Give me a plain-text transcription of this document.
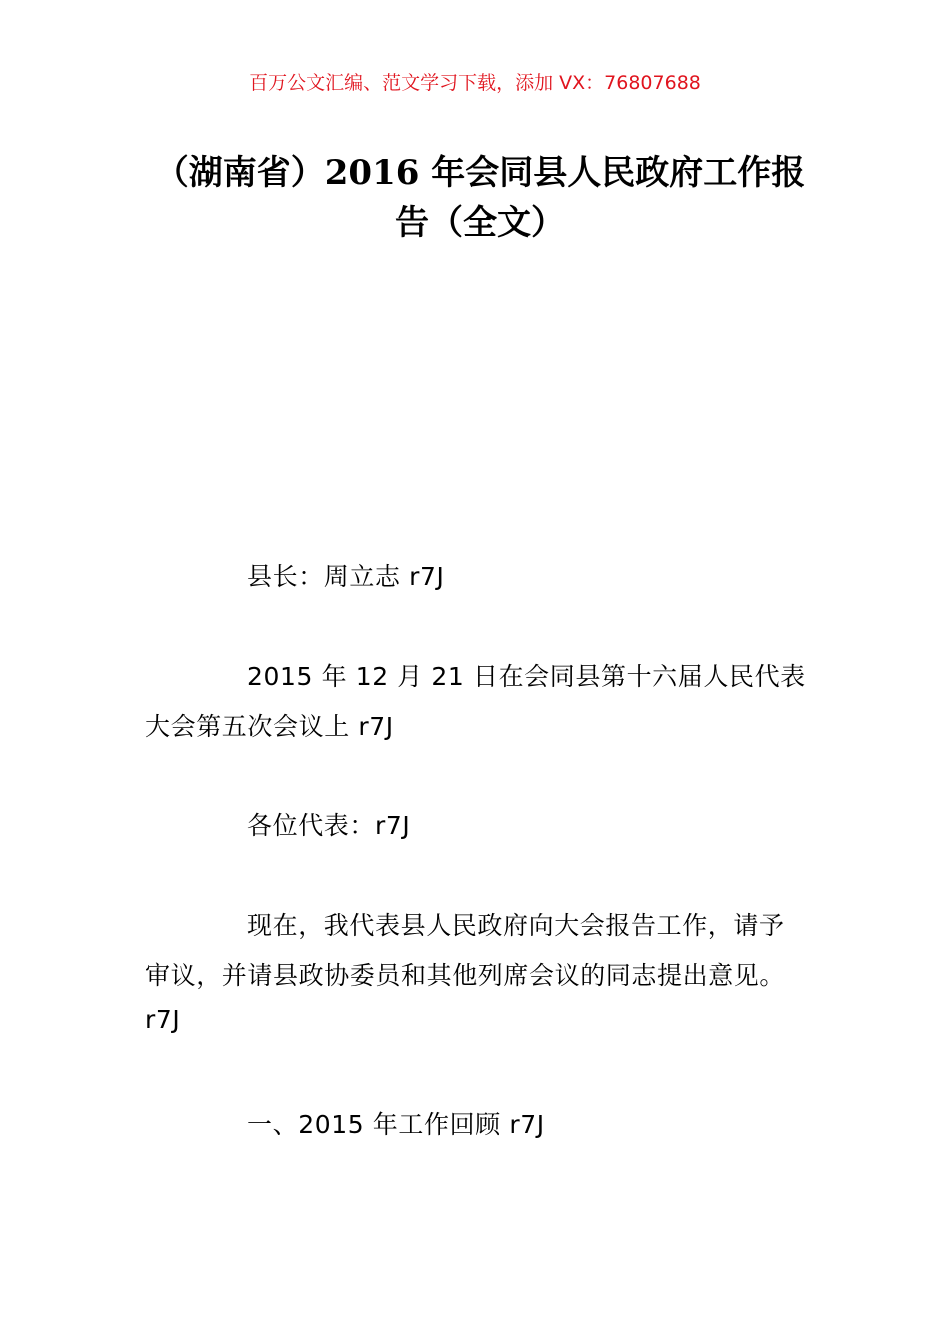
百万公文汇编、范文学习下载，添加 VX：76807688
（湖南省）2016 年会同县人民政府工作报
告（全文）
县长：周立志 r7J
2015 年 12 月 21 日在会同县第十六届人民代表
大会第五次会议上 r7J
各位代表：r7J
现在，我代表县人民政府向大会报告工作，请予
审议，并请县政协委员和其他列席会议的同志提出意见。
r7J
一、2015 年工作回顾 r7J
